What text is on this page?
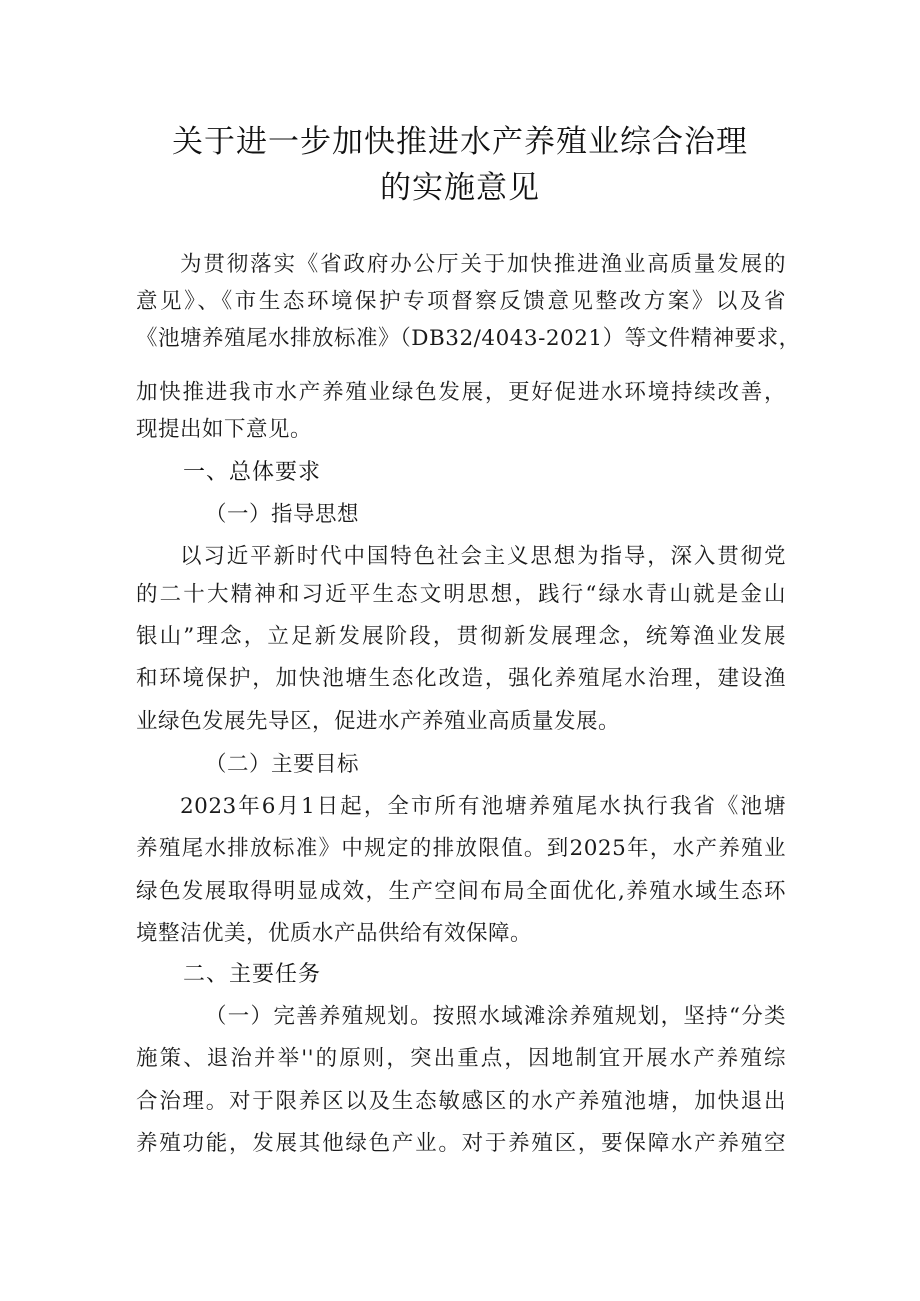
关于进一步加快推进水产养殖业综合治理
的实施意见
为贯彻落实《省政府办公厅关于加快推进渔业高质量发展的
意见》、《市生态环境保护专项督察反馈意见整改方案》以及省
《池塘养殖尾水排放标准》（DB32/4043-2021）等文件精神要求，
加快推进我市水产养殖业绿色发展，更好促进水环境持续改善，
现提出如下意见。
一、总体要求
（一）指导思想
以习近平新时代中国特色社会主义思想为指导，深入贯彻党
的二十大精神和习近平生态文明思想，践行“绿水青山就是金山
银山”理念，立足新发展阶段，贯彻新发展理念，统筹渔业发展
和环境保护，加快池塘生态化改造，强化养殖尾水治理，建设渔
业绿色发展先导区，促进水产养殖业高质量发展。
（二）主要目标
2023年6月1日起，全市所有池塘养殖尾水执行我省《池塘
养殖尾水排放标准》中规定的排放限值。到2025年，水产养殖业
绿色发展取得明显成效，生产空间布局全面优化,养殖水域生态环
境整洁优美，优质水产品供给有效保障。
二、主要任务
（一）完善养殖规划。按照水域滩涂养殖规划，坚持“分类
施策、退治并举''的原则，突出重点，因地制宜开展水产养殖综
合治理。对于限养区以及生态敏感区的水产养殖池塘，加快退出
养殖功能，发展其他绿色产业。对于养殖区，要保障水产养殖空
